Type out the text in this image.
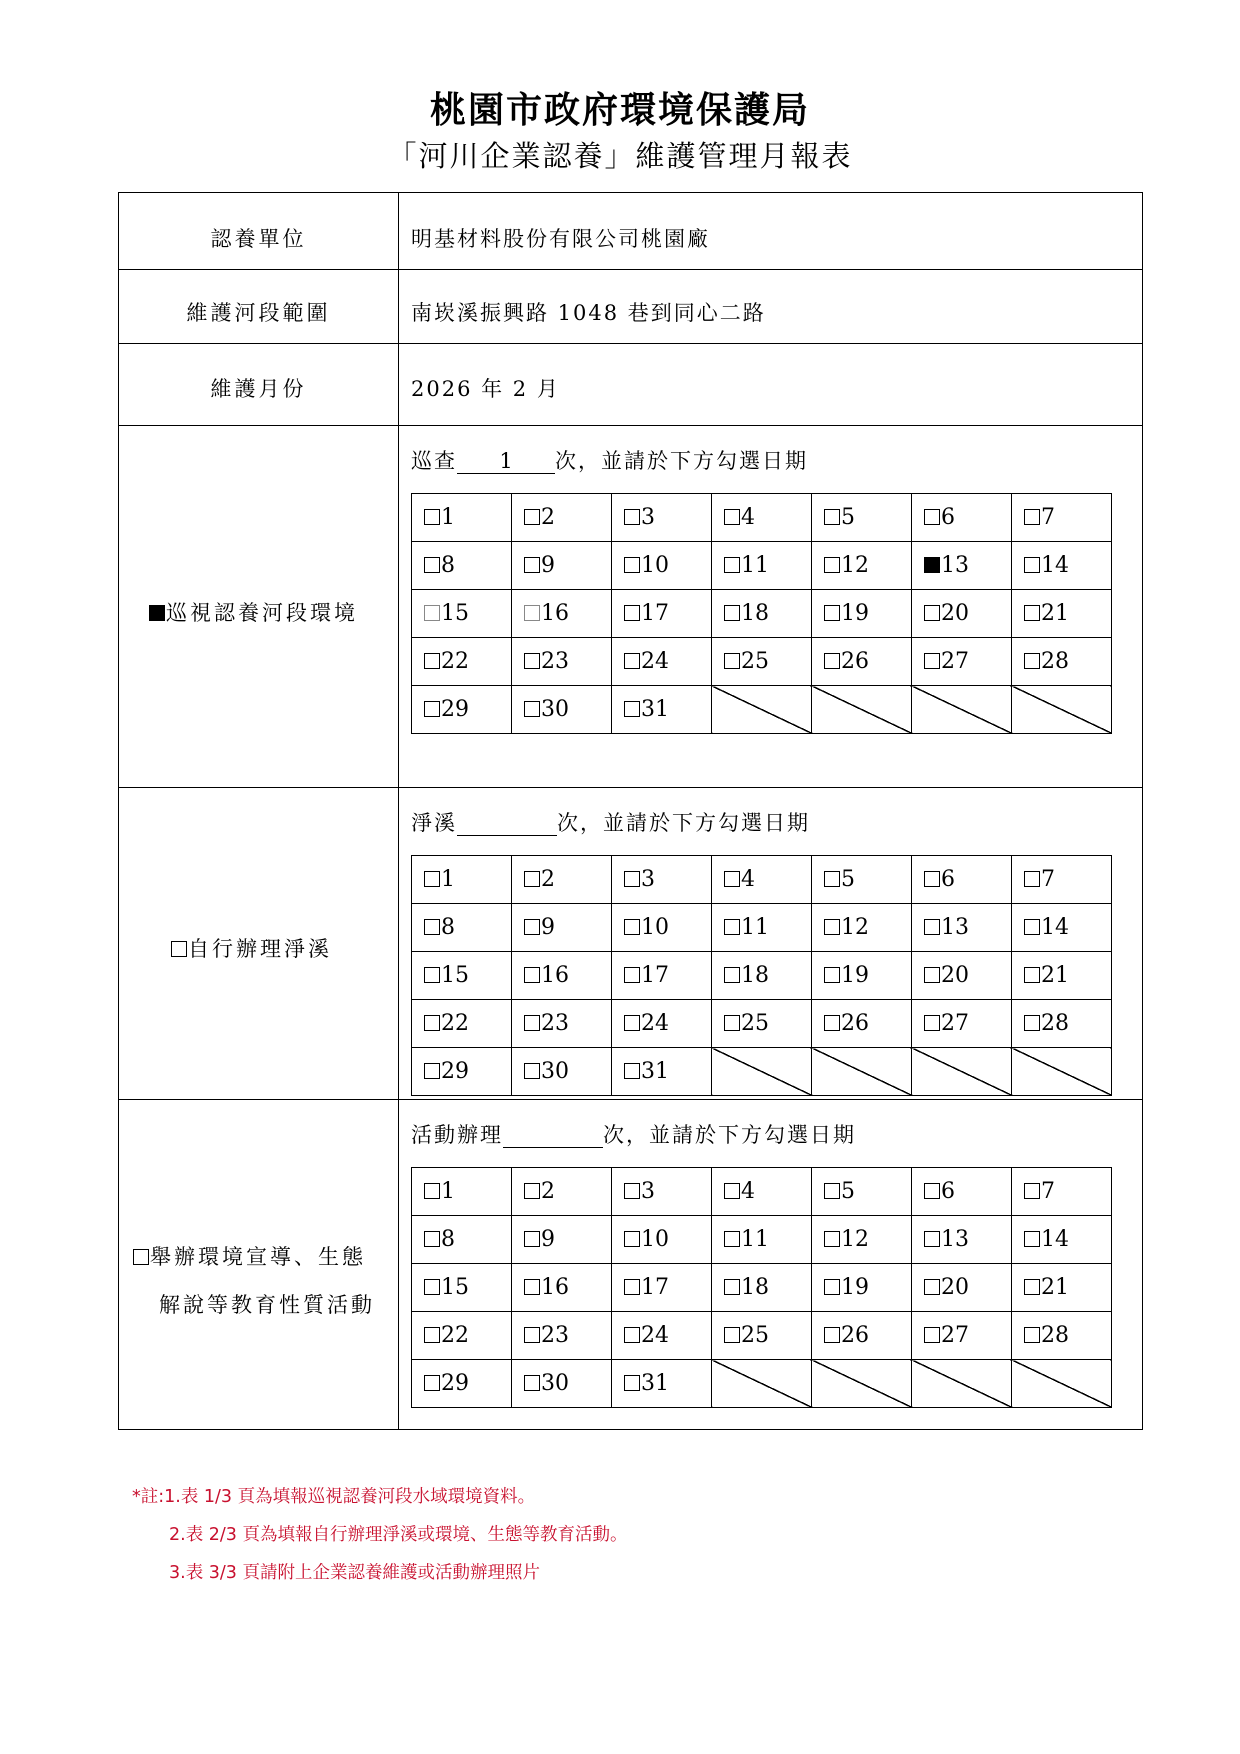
桃園市政府環境保護局
「河川企業認養」維護管理月報表
認養單位	明基材料股份有限公司桃園廠
維護河段範圍	南崁溪振興路 1048 巷到同心二路
維護月份	2026 年 2 月
巡視認養河段環境
巡查 1 次，並請於下方勾選日期
1	2	3	4	5	6	7
8	9	10	11	12	13	14
15	16	17	18	19	20	21
22	23	24	25	26	27	28
29	30	31				
自行辦理淨溪
淨溪	次，並請於下方勾選日期
1	2	3	4	5	6	7
8	9	10	11	12	13	14
15	16	17	18	19	20	21
22	23	24	25	26	27	28
29	30	31				
舉辦環境宣導、生態
解說等教育性質活動
活動辦理	次，並請於下方勾選日期
1	2	3	4	5	6	7
8	9	10	11	12	13	14
15	16	17	18	19	20	21
22	23	24	25	26	27	28
29	30	31				
*註:1.表 1/3 頁為填報巡視認養河段水域環境資料。
2.表 2/3 頁為填報自行辦理淨溪或環境、生態等教育活動。
3.表 3/3 頁請附上企業認養維護或活動辦理照片
